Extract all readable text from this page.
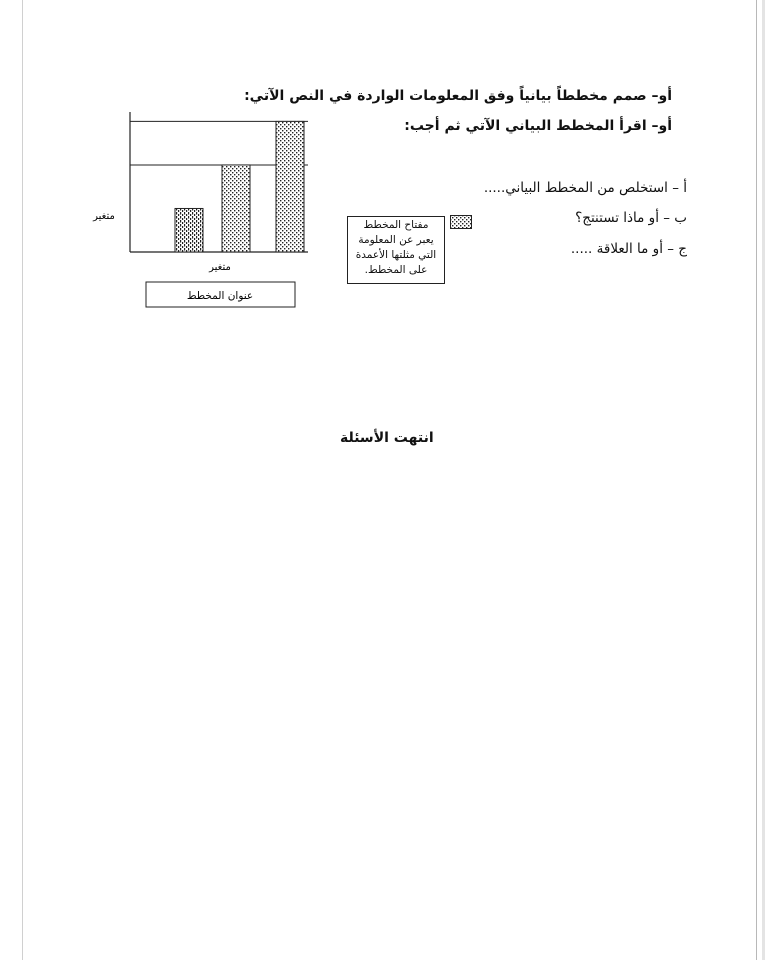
أو– صمم مخططاً بيانياً وفق المعلومات الواردة في النص الآتي:
أو– اقرأ المخطط البياني الآتي ثم أجب:
أ – استخلص من المخطط البياني.....
ب – أو ماذا تستنتج؟
ج – أو ما العلاقة .....
متغير
متغير
عنوان المخطط
مفتاح المخطط
يعبر عن المعلومة
التي مثلتها الأعمدة
على المخطط.
انتهت الأسئلة
